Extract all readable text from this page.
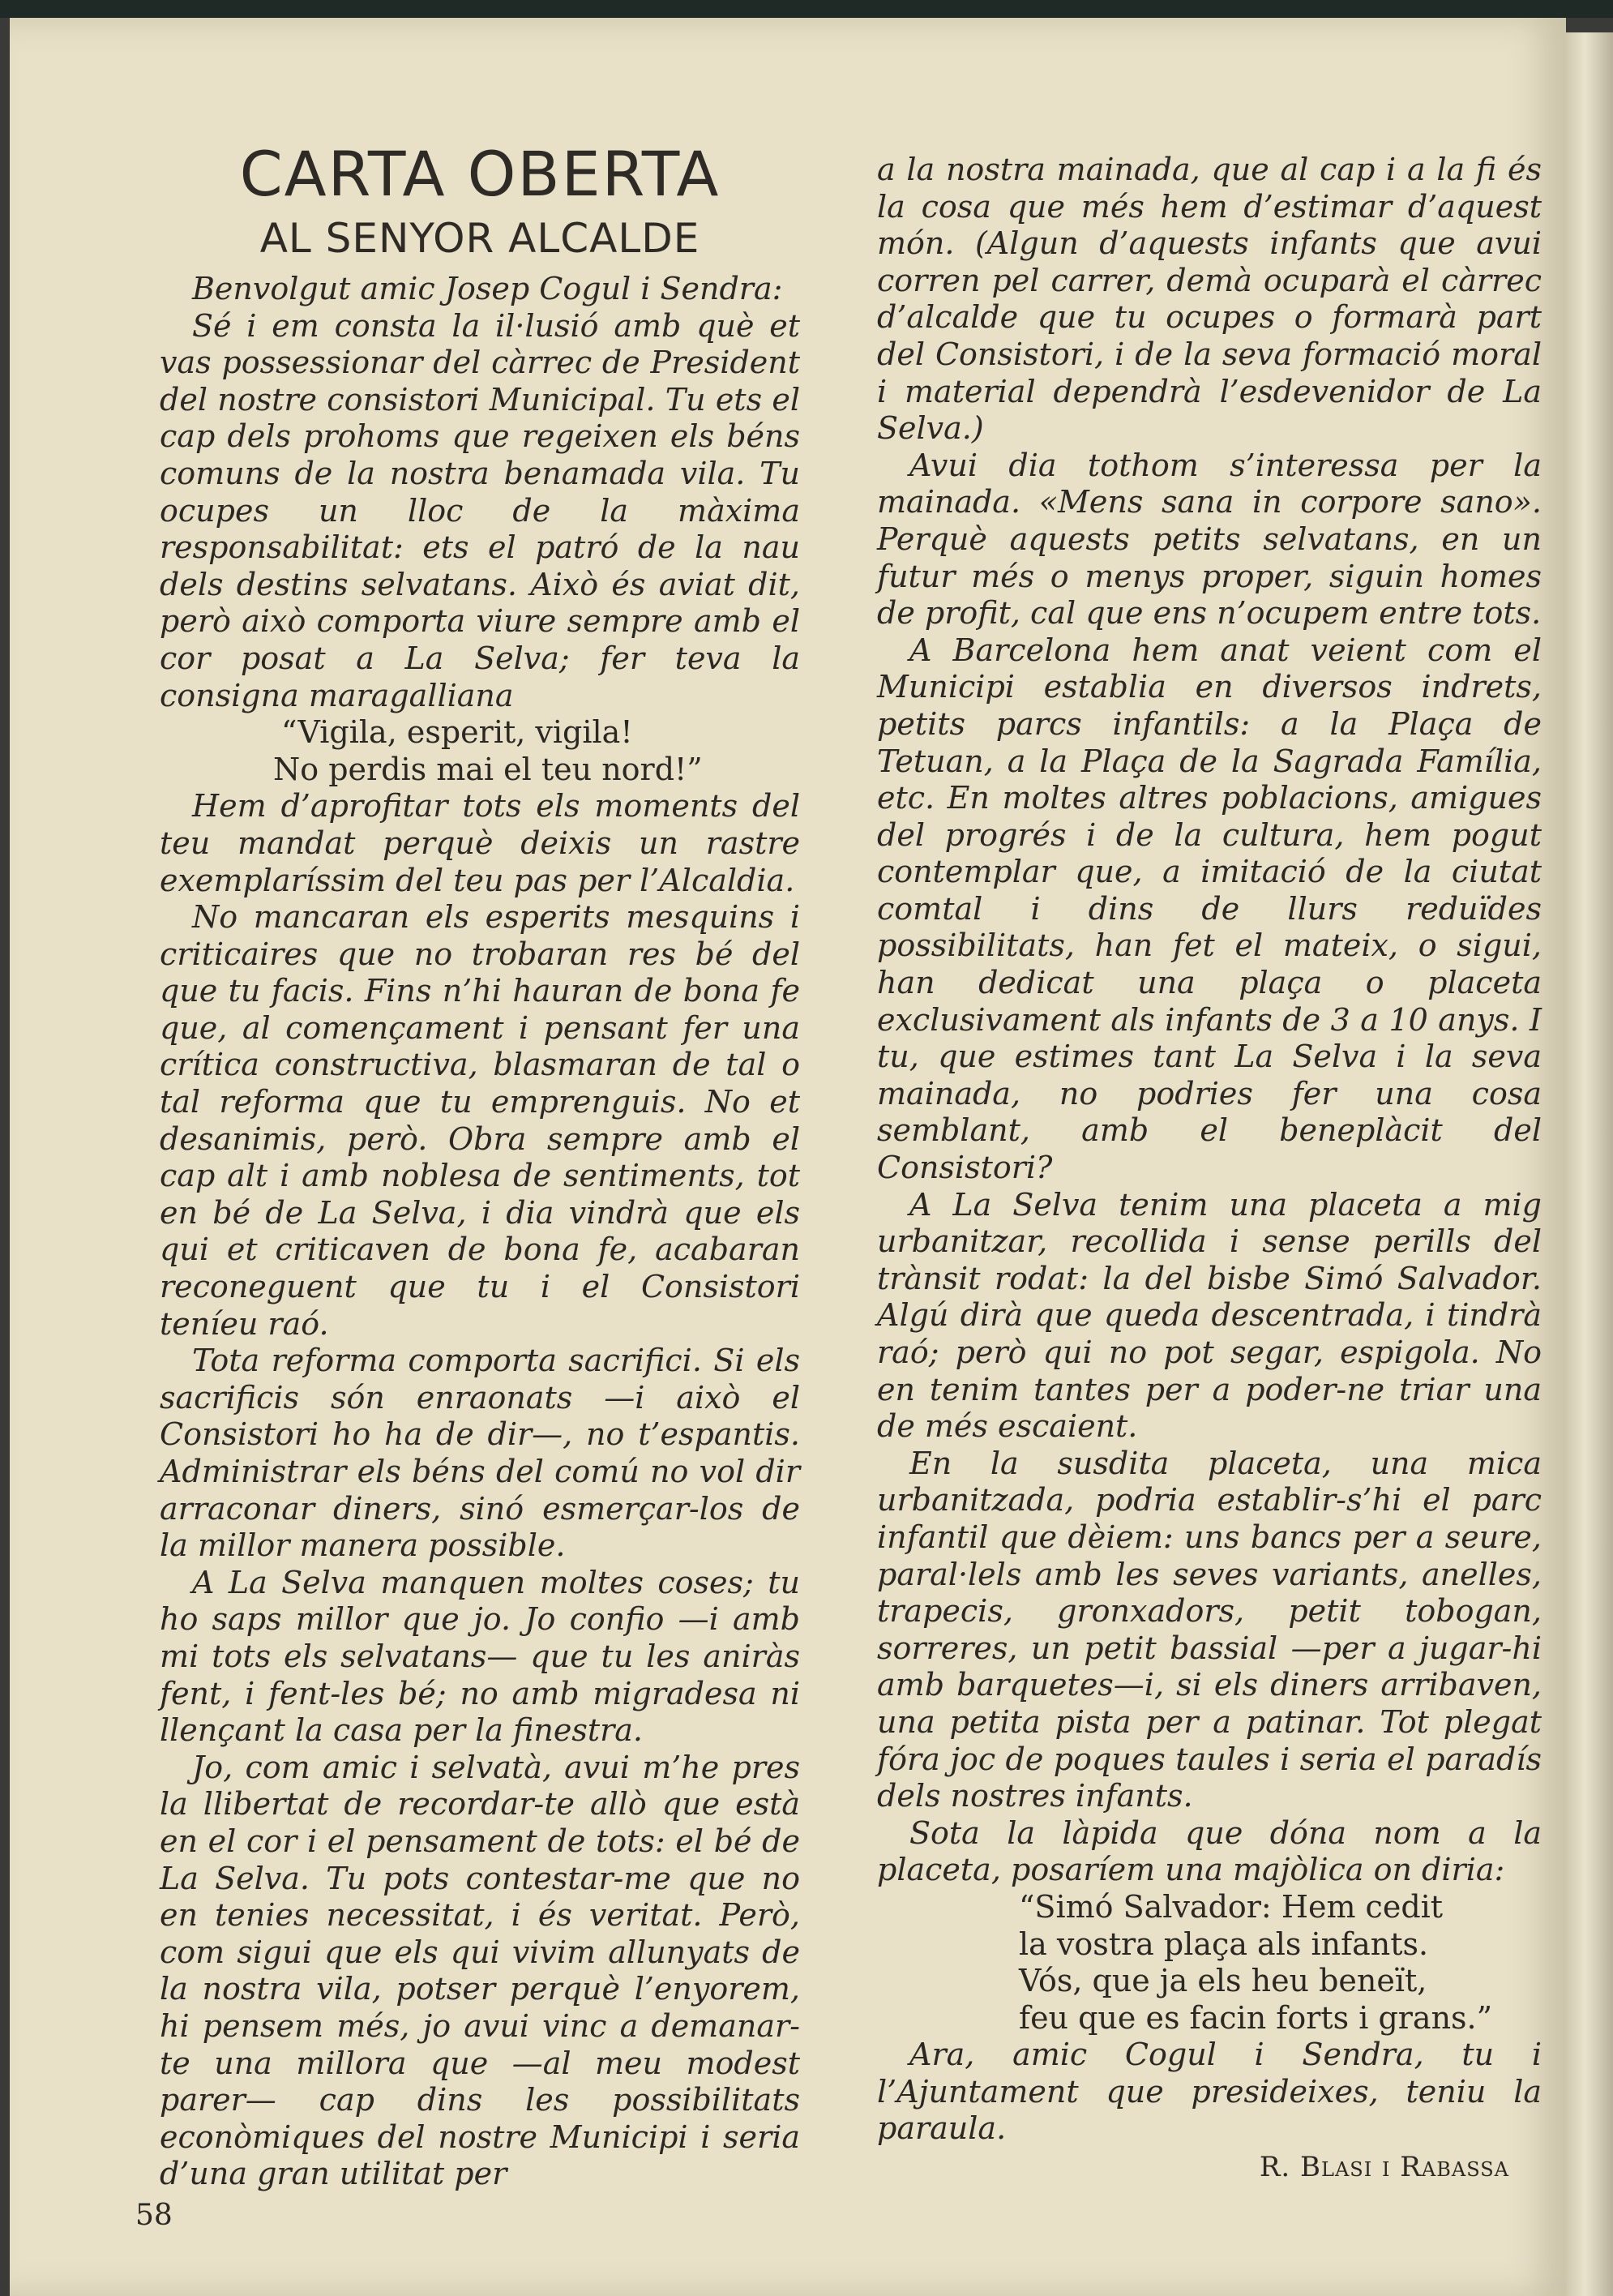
CARTA OBERTA
AL SENYOR ALCALDE

Benvolgut amic Josep Cogul i Sendra:

Sé i em consta la il·lusió amb què et vas possessionar del càrrec de President del nostre consistori Municipal. Tu ets el cap dels prohoms que regeixen els béns comuns de la nostra benamada vila. Tu ocupes un lloc de la màxima responsabilitat: ets el patró de la nau dels destins selvatans. Això és aviat dit, però això comporta viure sempre amb el cor posat a La Selva; fer teva la consigna maragalliana

“Vigila, esperit, vigila!

No perdis mai el teu nord!”

Hem d’aprofitar tots els moments del teu mandat perquè deixis un rastre exemplaríssim del teu pas per l’Alcaldia.

No mancaran els esperits mesquins i criticaires que no trobaran res bé del que tu facis. Fins n’hi hauran de bona fe que, al començament i pensant fer una crítica constructiva, blasmaran de tal o tal reforma que tu emprenguis. No et desanimis, però. Obra sempre amb el cap alt i amb noblesa de sentiments, tot en bé de La Selva, i dia vindrà que els qui et criticaven de bona fe, acabaran reconeguent que tu i el Consistori teníeu raó.

Tota reforma comporta sacrifici. Si els sacrificis són enraonats —i això el Consistori ho ha de dir—, no t’espantis. Administrar els béns del comú no vol dir arraconar diners, sinó esmerçar-los de la millor manera possible.

A La Selva manquen moltes coses; tu ho saps millor que jo. Jo confio —i amb mi tots els selvatans— que tu les aniràs fent, i fent-les bé; no amb migradesa ni llençant la casa per la finestra.

Jo, com amic i selvatà, avui m’he pres la llibertat de recordar-te allò que està en el cor i el pensament de tots: el bé de La Selva. Tu pots contestar-me que no en tenies necessitat, i és veritat. Però, com sigui que els qui vivim allunyats de la nostra vila, potser perquè l’enyorem, hi pensem més, jo avui vinc a demanar-te una millora que —al meu modest parer— cap dins les possibilitats econòmiques del nostre Municipi i seria d’una gran utilitat per

a la nostra mainada, que al cap i a la fi és la cosa que més hem d’estimar d’aquest món. (Algun d’aquests infants que avui corren pel carrer, demà ocuparà el càrrec d’alcalde que tu ocupes o formarà part del Consistori, i de la seva formació moral i material dependrà l’esdevenidor de La Selva.)

Avui dia tothom s’interessa per la mainada. «Mens sana in corpore sano». Perquè aquests petits selvatans, en un futur més o menys proper, siguin homes de profit, cal que ens n’ocupem entre tots.

A Barcelona hem anat veient com el Municipi establia en diversos indrets, petits parcs infantils: a la Plaça de Tetuan, a la Plaça de la Sagrada Família, etc. En moltes altres poblacions, amigues del progrés i de la cultura, hem pogut contemplar que, a imitació de la ciutat comtal i dins de llurs reduïdes possibilitats, han fet el mateix, o sigui, han dedicat una plaça o placeta exclusivament als infants de 3 a 10 anys. I tu, que estimes tant La Selva i la seva mainada, no podries fer una cosa semblant, amb el beneplàcit del Consistori?

A La Selva tenim una placeta a mig urbanitzar, recollida i sense perills del trànsit rodat: la del bisbe Simó Salvador. Algú dirà que queda descentrada, i tindrà raó; però qui no pot segar, espigola. No en tenim tantes per a poder-ne triar una de més escaient.

En la susdita placeta, una mica urbanitzada, podria establir-s’hi el parc infantil que dèiem: uns bancs per a seure, paral·lels amb les seves variants, anelles, trapecis, gronxadors, petit tobogan, sorreres, un petit bassial —per a jugar-hi amb barquetes—i, si els diners arribaven, una petita pista per a patinar. Tot plegat fóra joc de poques taules i seria el paradís dels nostres infants.

Sota la làpida que dóna nom a la placeta, posaríem una majòlica on diria:

“Simó Salvador: Hem cedit

la vostra plaça als infants.

Vós, que ja els heu beneït,

feu que es facin forts i grans.”

Ara, amic Cogul i Sendra, tu i l’Ajuntament que presideixes, teniu la paraula.

R. Blasi i Rabassa
58
